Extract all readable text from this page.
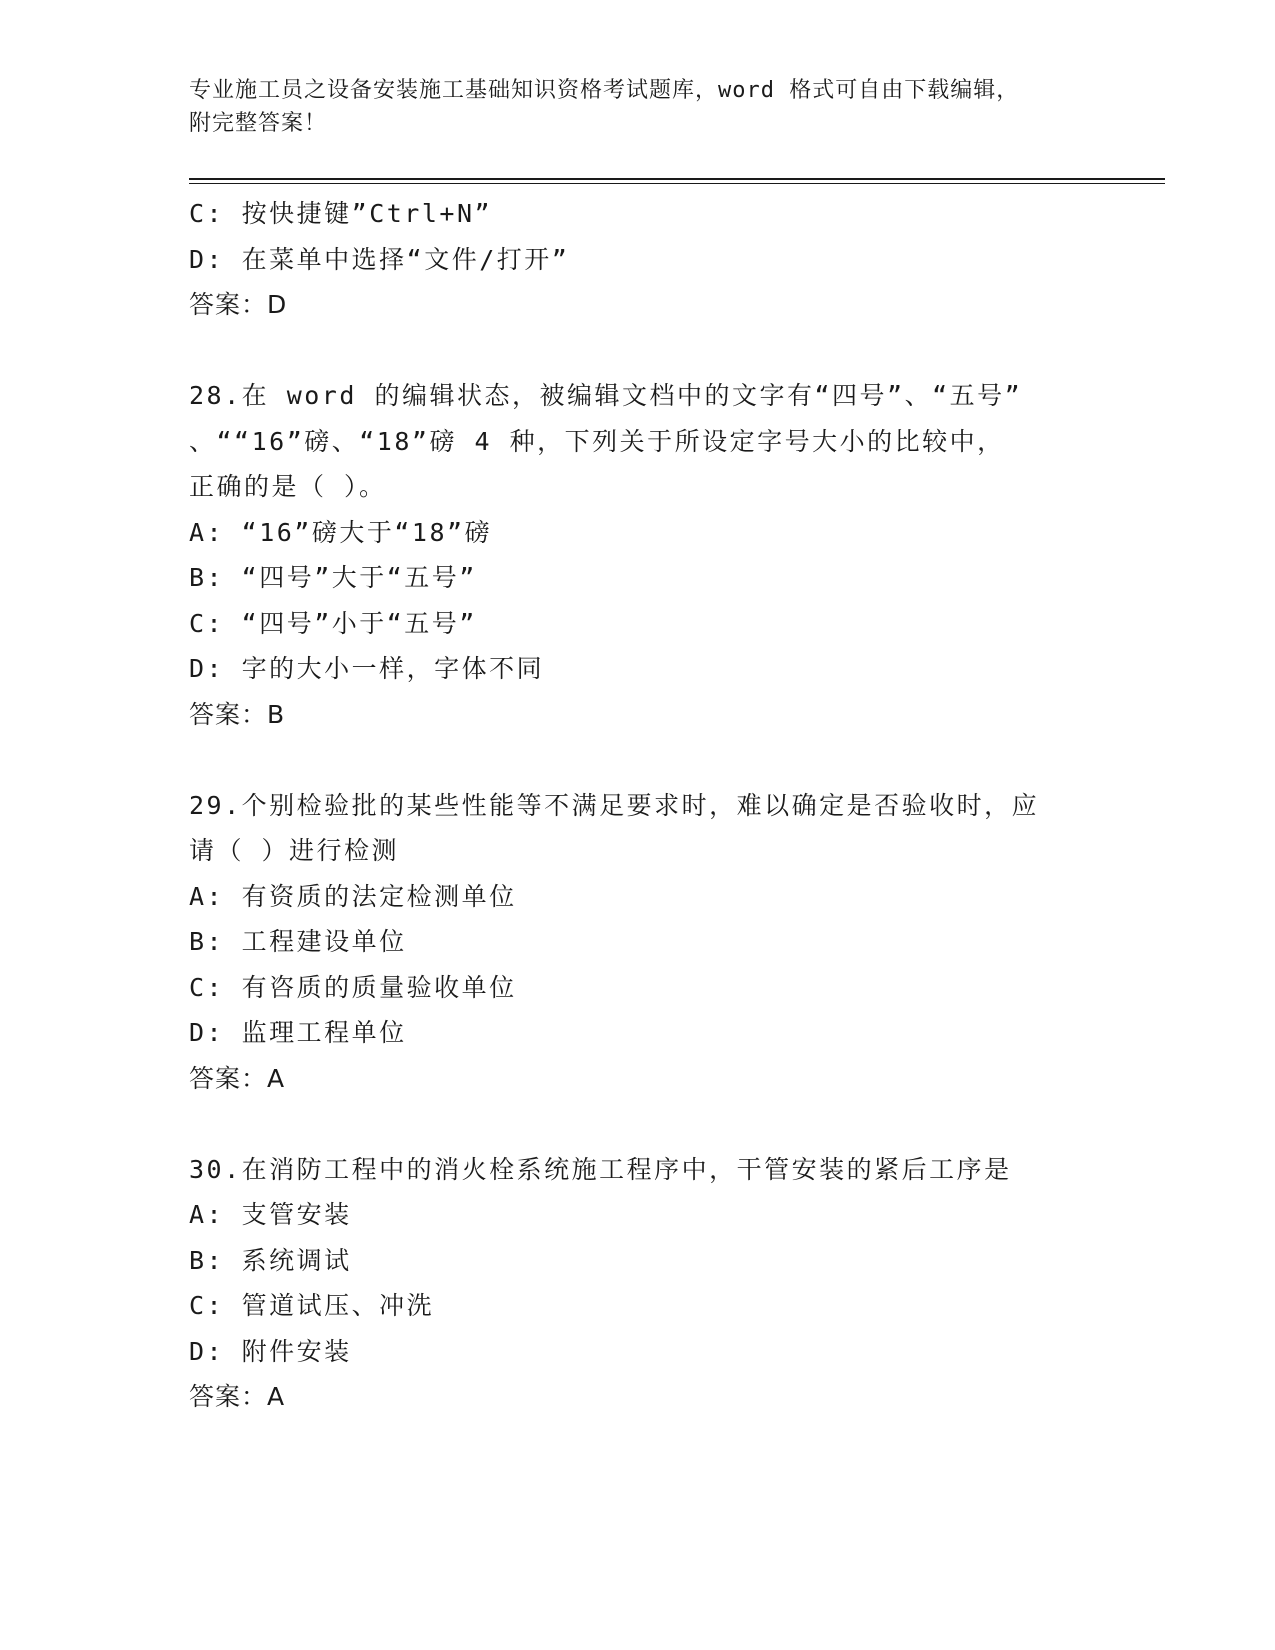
专业施工员之设备安装施工基础知识资格考试题库，word 格式可自由下载编辑，
附完整答案！

C: 按快捷键”Ctrl+N”

D: 在菜单中选择“文件/打开”

答案：D

28.在 word 的编辑状态，被编辑文档中的文字有“四号”、“五号”

、““16”磅、“18”磅 4 种，下列关于所设定字号大小的比较中，

正确的是（ ）。

A: “16”磅大于“18”磅

B: “四号”大于“五号”

C: “四号”小于“五号”

D: 字的大小一样，字体不同

答案：B

29.个别检验批的某些性能等不满足要求时，难以确定是否验收时，应

请（ ）进行检测

A: 有资质的法定检测单位

B: 工程建设单位

C: 有咨质的质量验收单位

D: 监理工程单位

答案：A

30.在消防工程中的消火栓系统施工程序中，干管安装的紧后工序是

A: 支管安装

B: 系统调试

C: 管道试压、冲洗

D: 附件安装

答案：A
